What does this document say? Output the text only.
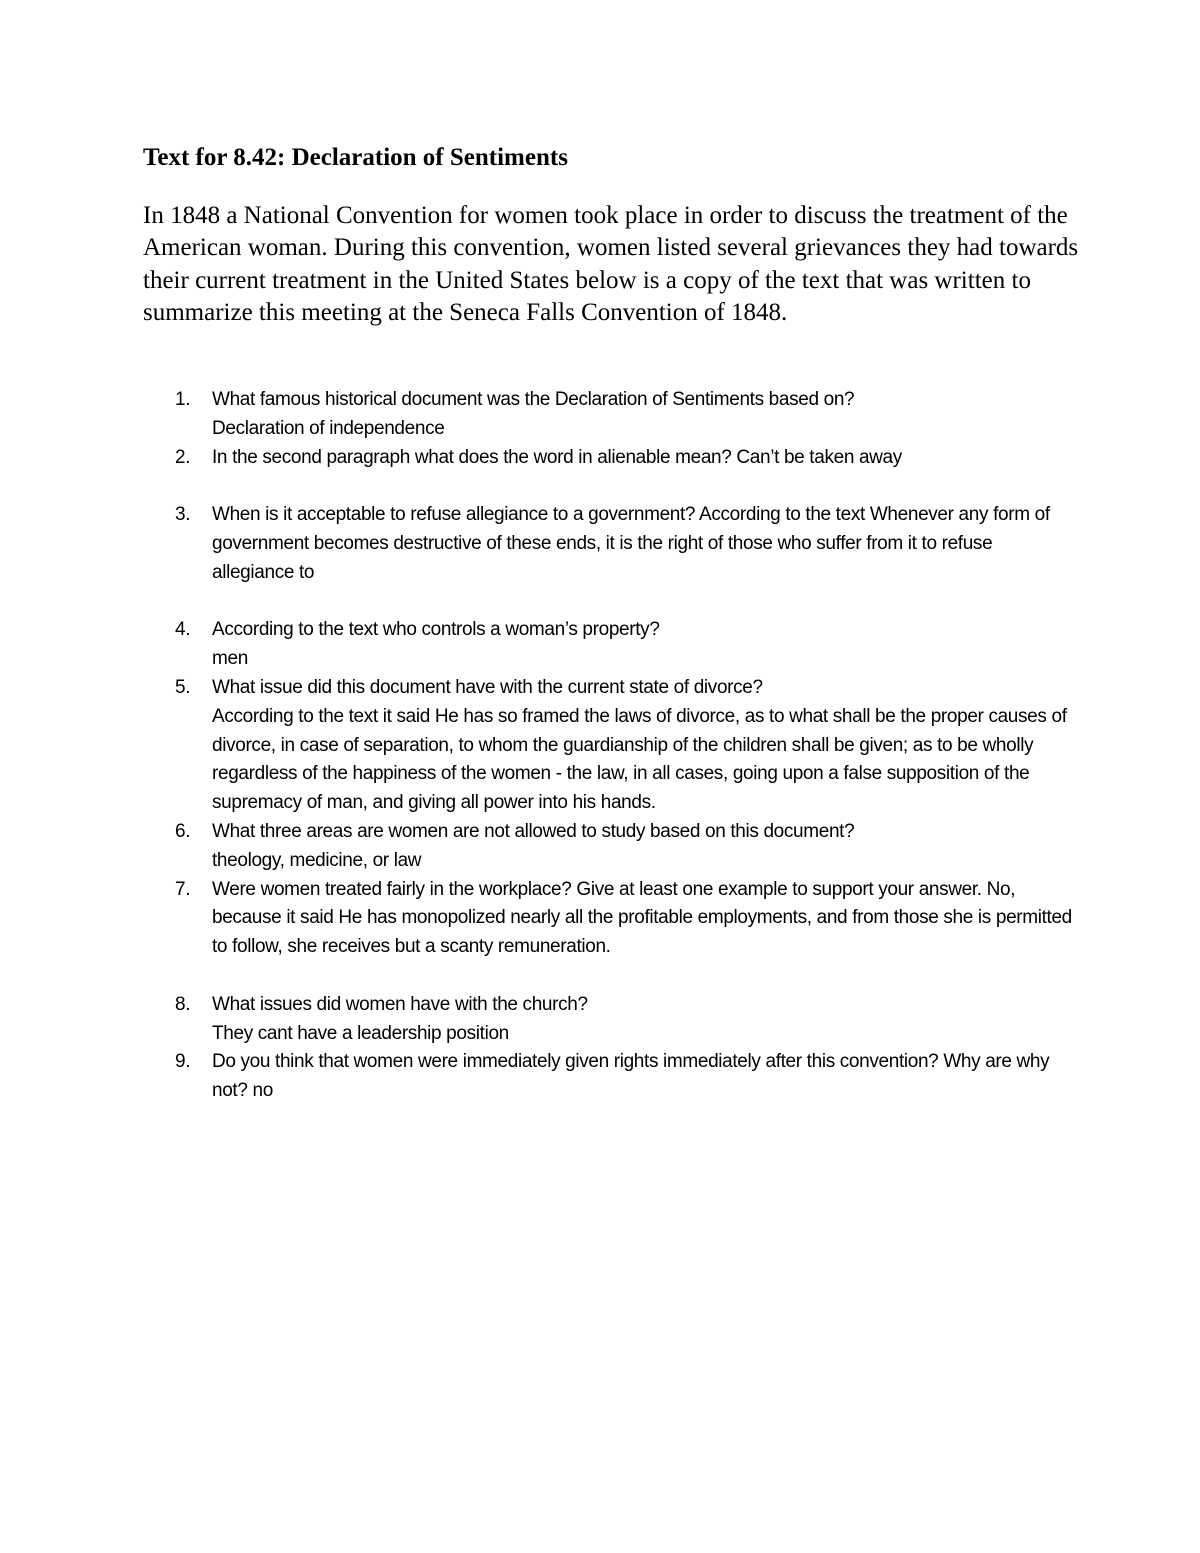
Text for 8.42: Declaration of Sentiments

In 1848 a National Convention for women took place in order to discuss the treatment of the American woman. During this convention, women listed several grievances they had towards their current treatment in the United States below is a copy of the text that was written to summarize this meeting at the Seneca Falls Convention of 1848.

1. What famous historical document was the Declaration of Sentiments based on?
Declaration of independence
2. In the second paragraph what does the word in alienable mean? Can’t be taken away
3. When is it acceptable to refuse allegiance to a government? According to the text Whenever any form of government becomes destructive of these ends, it is the right of those who suffer from it to refuse allegiance to
4. According to the text who controls a woman’s property?
men
5. What issue did this document have with the current state of divorce?
According to the text it said He has so framed the laws of divorce, as to what shall be the proper causes of divorce, in case of separation, to whom the guardianship of the children shall be given; as to be wholly regardless of the happiness of the women - the law, in all cases, going upon a false supposition of the supremacy of man, and giving all power into his hands.
6. What three areas are women are not allowed to study based on this document?
theology, medicine, or law
7. Were women treated fairly in the workplace? Give at least one example to support your answer. No, because it said He has monopolized nearly all the profitable employments, and from those she is permitted to follow, she receives but a scanty remuneration.
8. What issues did women have with the church?
They cant have a leadership position
9. Do you think that women were immediately given rights immediately after this convention? Why are why not? no
